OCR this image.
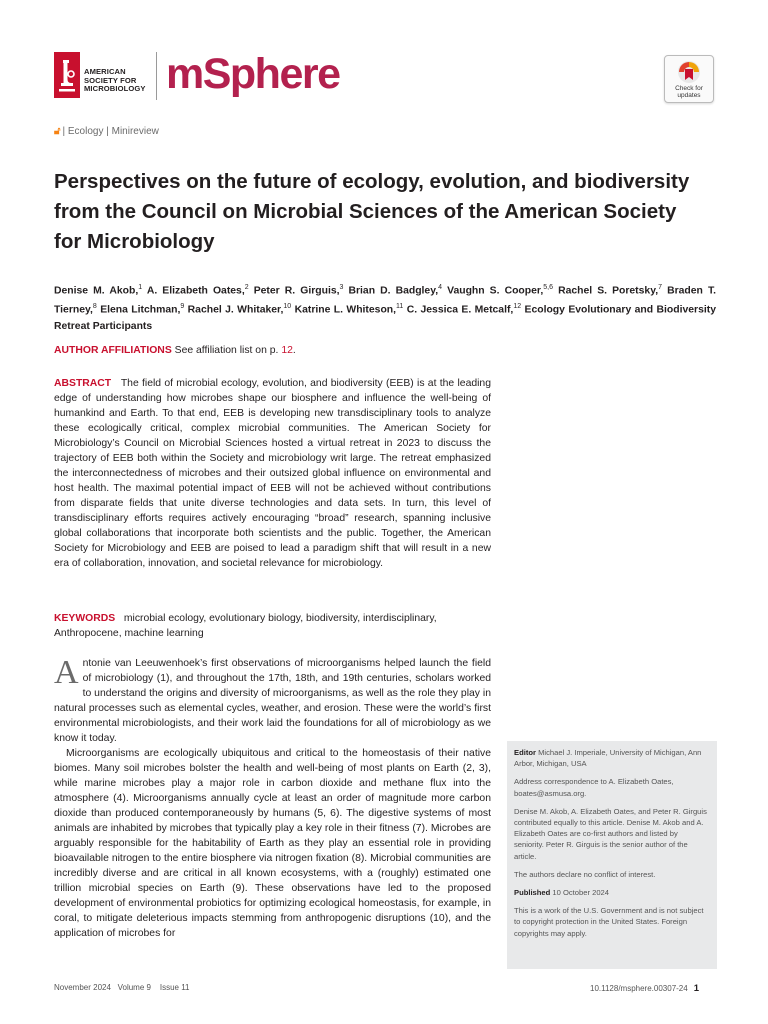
AMERICAN
SOCIETY FOR
MICROBIOLOGY mSphere	Check for
updates
🔓︎ | Ecology | Minireview
Perspectives on the future of ecology, evolution, and biodiversity from the Council on Microbial Sciences of the American Society for Microbiology
Denise M. Akob,$^1$ A. Elizabeth Oates,$^2$ Peter R. Girguis,$^3$ Brian D. Badgley,$^4$ Vaughn S. Cooper,$^{5,6}$ Rachel S. Poretsky,$^7$ Braden T. Tierney,$^8$ Elena Litchman,$^9$ Rachel J. Whitaker,$^{10}$ Katrine L. Whiteson,$^{11}$ C. Jessica E. Metcalf,$^{12}$ Ecology Evolutionary and Biodiversity Retreat Participants
AUTHOR AFFILIATIONS See affiliation list on p. 12.
ABSTRACT The field of microbial ecology, evolution, and biodiversity (EEB) is at the leading edge of understanding how microbes shape our biosphere and influence the well-being of humankind and Earth. To that end, EEB is developing new transdisciplinary tools to analyze these ecologically critical, complex microbial communities. The American Society for Microbiology’s Council on Microbial Sciences hosted a virtual retreat in 2023 to discuss the trajectory of EEB both within the Society and microbiology writ large. The retreat emphasized the interconnectedness of microbes and their outsized global influence on environmental and host health. The maximal potential impact of EEB will not be achieved without contributions from disparate fields that unite diverse technologies and data sets. In turn, this level of transdisciplinary efforts requires actively encouraging “broad” research, spanning inclusive global collaborations that incorporate both scientists and the public. Together, the American Society for Microbiology and EEB are poised to lead a paradigm shift that will result in a new era of collaboration, innovation, and societal relevance for microbiology.
KEYWORDS microbial ecology, evolutionary biology, biodiversity, interdisciplinary, Anthropocene, machine learning

Antonie van Leeuwenhoek’s first observations of microorganisms helped launch the field of microbiology (1), and throughout the 17th, 18th, and 19th centuries, scholars worked to understand the origins and diversity of microorganisms, as well as the role they play in natural processes such as elemental cycles, weather, and erosion. These were the world’s first environmental microbiologists, and their work laid the foundations for all of microbiology as we know it today.

Microorganisms are ecologically ubiquitous and critical to the homeostasis of their native biomes. Many soil microbes bolster the health and well-being of most plants on Earth (2, 3), while marine microbes play a major role in carbon dioxide and methane flux into the atmosphere (4). Microorganisms annually cycle at least an order of magnitude more carbon dioxide than produced contemporaneously by humans (5, 6). The digestive systems of most animals are inhabited by microbes that typically play a key role in their fitness (7). Microbes are arguably responsible for the habitability of Earth as they play an essential role in providing bioavailable nitrogen to the entire biosphere via nitrogen fixation (8). Microbial communities are incredibly diverse and are critical in all known ecosystems, with a (roughly) estimated one trillion microbial species on Earth (9). These observations have led to the proposed development of environmental probiotics for optimizing ecological homeostasis, for example, in coral, to mitigate deleterious impacts stemming from anthropogenic disruptions (10), and the application of microbes for

Editor Michael J. Imperiale, University of Michigan, Ann Arbor, Michigan, USA

Address correspondence to A. Elizabeth Oates, boates@asmusa.org.

Denise M. Akob, A. Elizabeth Oates, and Peter R. Girguis contributed equally to this article. Denise M. Akob and A. Elizabeth Oates are co-first authors and listed by seniority. Peter R. Girguis is the senior author of the article.

The authors declare no conflict of interest.

Published 10 October 2024

This is a work of the U.S. Government and is not subject to copyright protection in the United States. Foreign copyrights may apply.

November 2024 Volume 9 Issue 11	10.1128/msphere.00307-24 1
